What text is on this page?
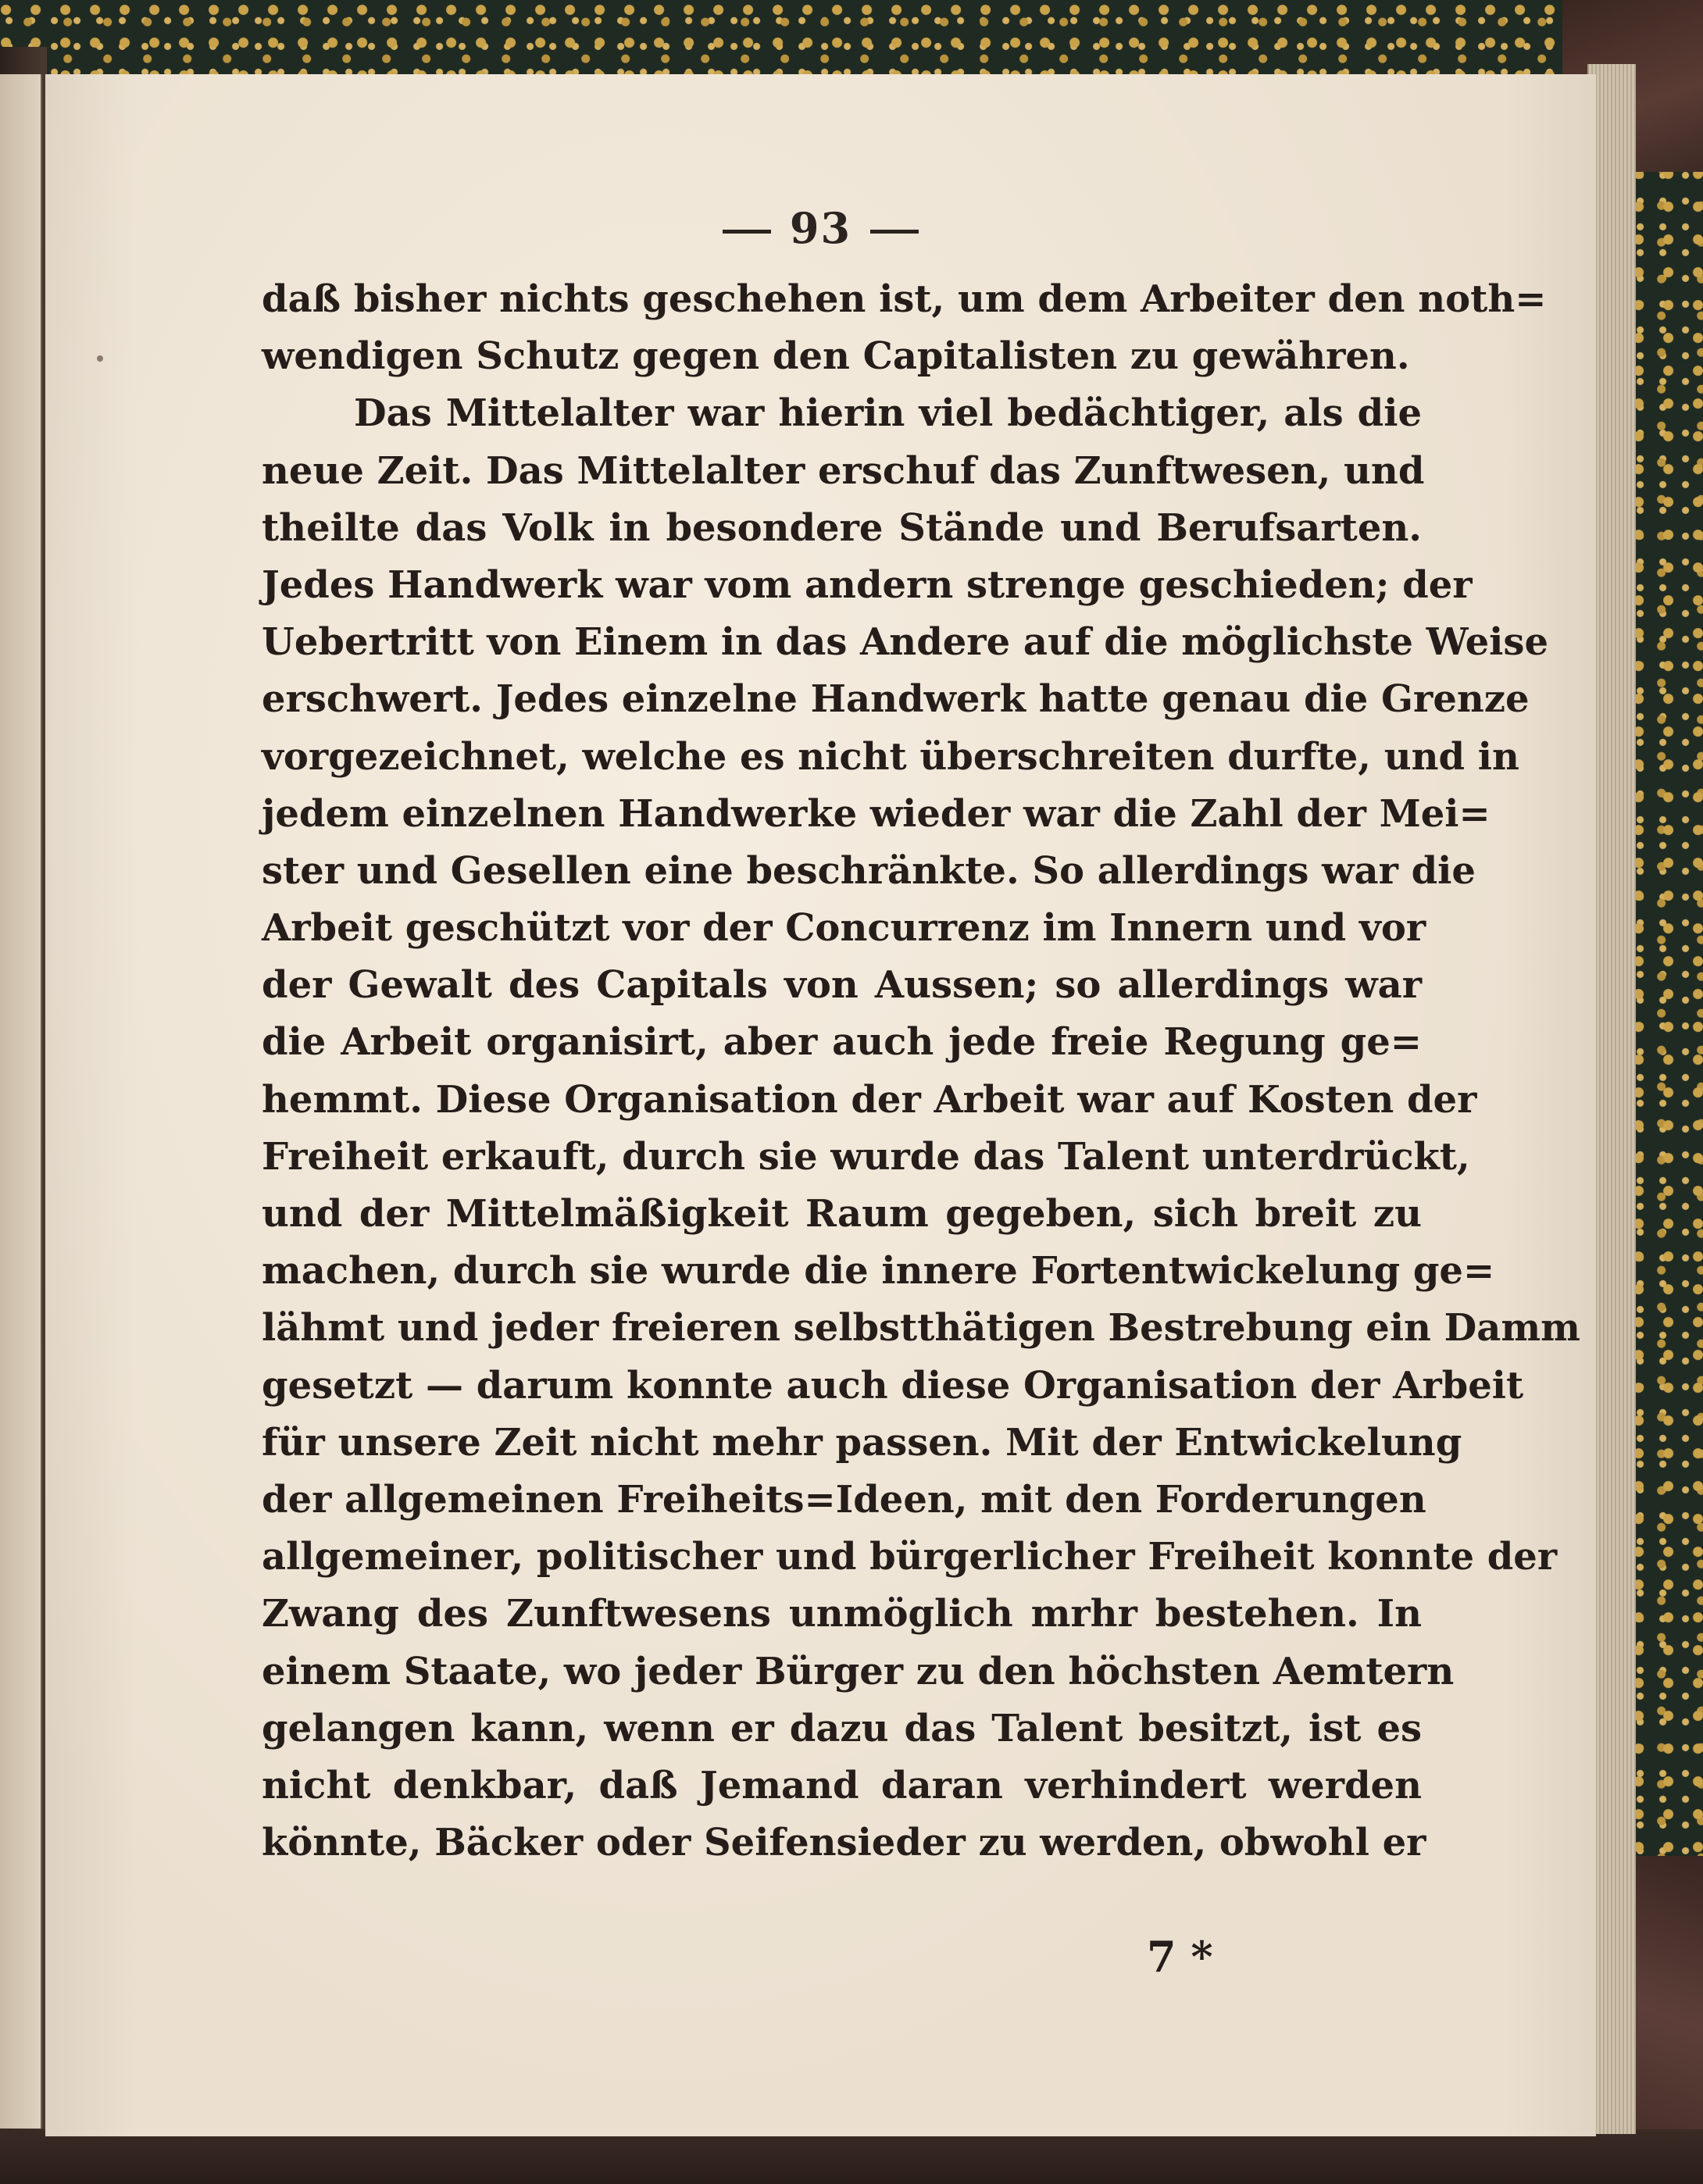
93
daß bisher nichts geschehen ist, um dem Arbeiter den noth=
wendigen Schutz gegen den Capitalisten zu gewähren.
Das Mittelalter war hierin viel bedächtiger, als die
neue Zeit. Das Mittelalter erschuf das Zunftwesen, und
theilte das Volk in besondere Stände und Berufsarten.
Jedes Handwerk war vom andern strenge geschieden; der
Uebertritt von Einem in das Andere auf die möglichste Weise
erschwert. Jedes einzelne Handwerk hatte genau die Grenze
vorgezeichnet, welche es nicht überschreiten durfte, und in
jedem einzelnen Handwerke wieder war die Zahl der Mei=
ster und Gesellen eine beschränkte. So allerdings war die
Arbeit geschützt vor der Concurrenz im Innern und vor
der Gewalt des Capitals von Aussen; so allerdings war
die Arbeit organisirt, aber auch jede freie Regung ge=
hemmt. Diese Organisation der Arbeit war auf Kosten der
Freiheit erkauft, durch sie wurde das Talent unterdrückt,
und der Mittelmäßigkeit Raum gegeben, sich breit zu
machen, durch sie wurde die innere Fortentwickelung ge=
lähmt und jeder freieren selbstthätigen Bestrebung ein Damm
gesetzt — darum konnte auch diese Organisation der Arbeit
für unsere Zeit nicht mehr passen. Mit der Entwickelung
der allgemeinen Freiheits=Ideen, mit den Forderungen
allgemeiner, politischer und bürgerlicher Freiheit konnte der
Zwang des Zunftwesens unmöglich mrhr bestehen. In
einem Staate, wo jeder Bürger zu den höchsten Aemtern
gelangen kann, wenn er dazu das Talent besitzt, ist es
nicht denkbar, daß Jemand daran verhindert werden
könnte, Bäcker oder Seifensieder zu werden, obwohl er
7 *
